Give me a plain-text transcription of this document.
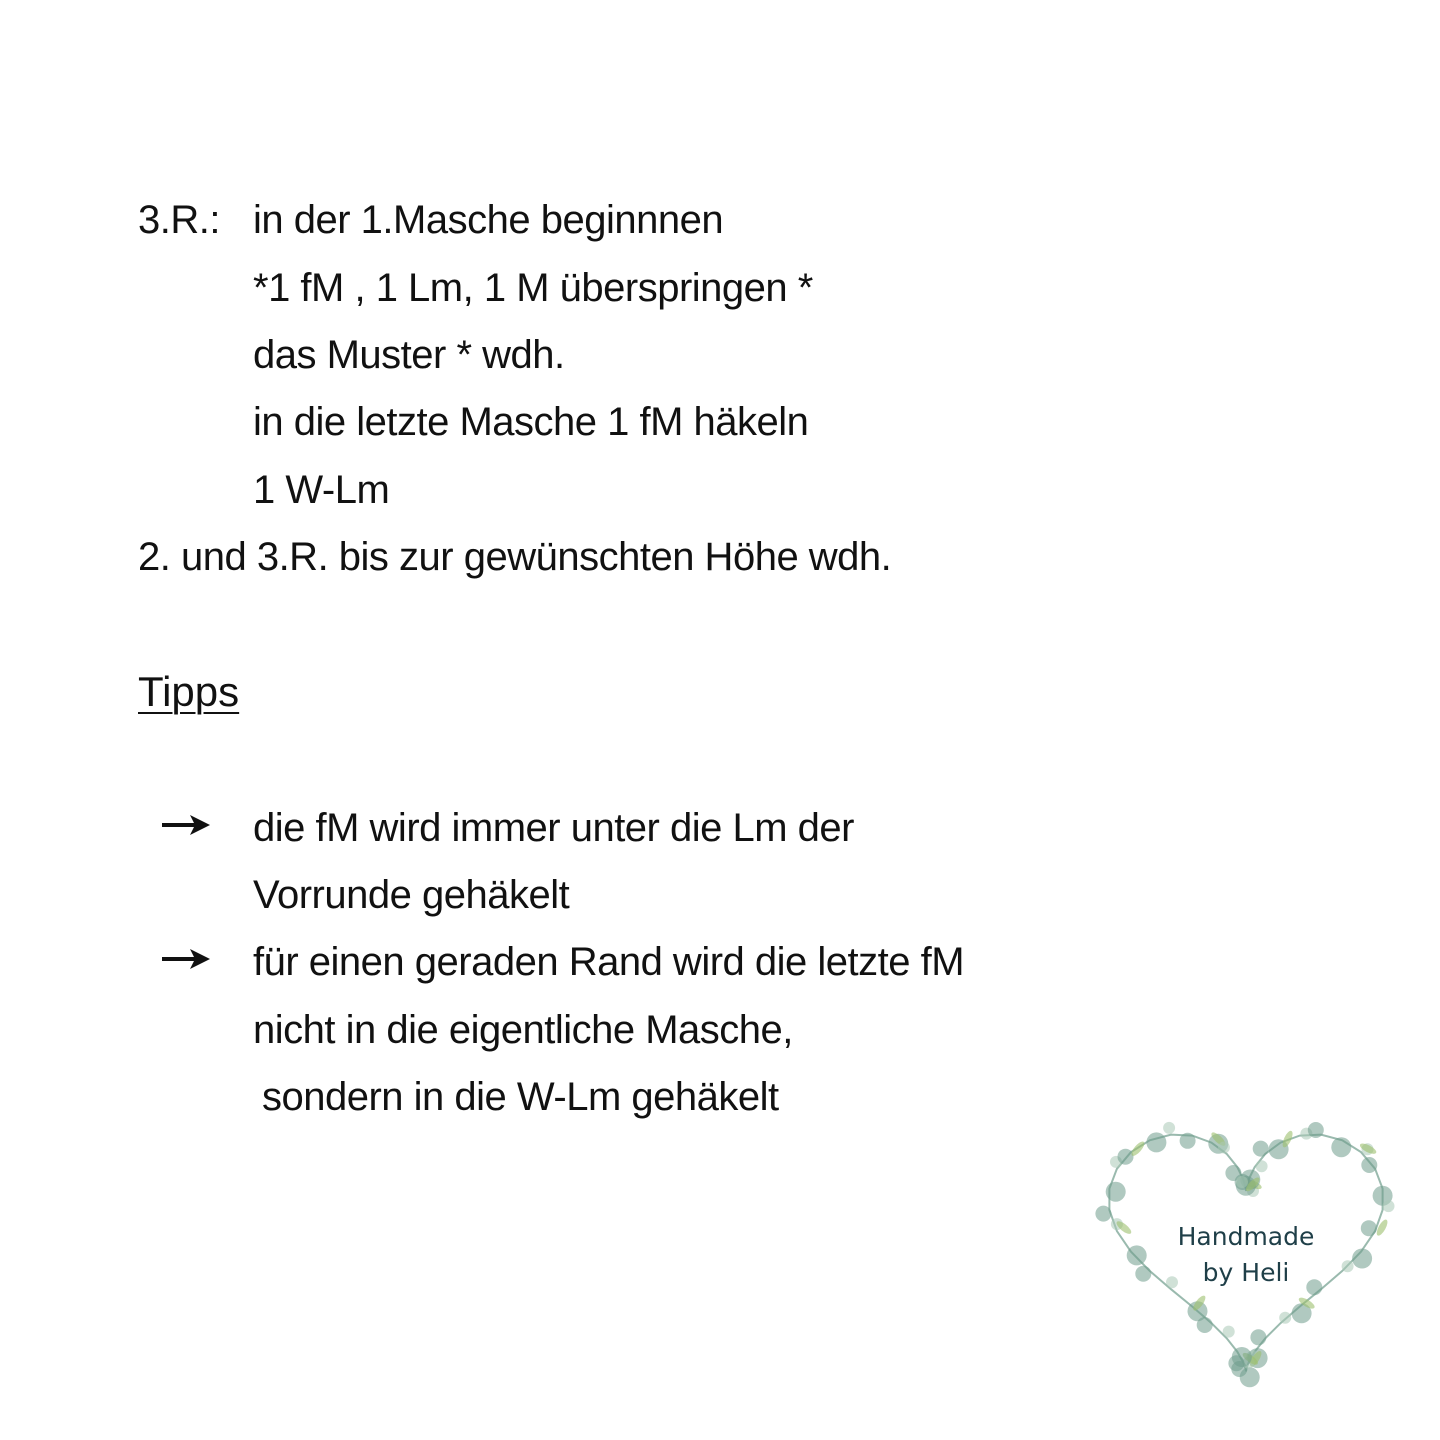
3.R.: in der 1.Masche beginnnen
*1 fM , 1 Lm, 1 M überspringen *
das Muster * wdh.
in die letzte Masche 1 fM häkeln
1 W-Lm
2. und 3.R. bis zur gewünschten Höhe wdh.
Tipps
die fM wird immer unter die Lm der
Vorrunde gehäkelt
für einen geraden Rand wird die letzte fM
nicht in die eigentliche Masche,
sondern in die W-Lm gehäkelt
Handmade
by Heli
